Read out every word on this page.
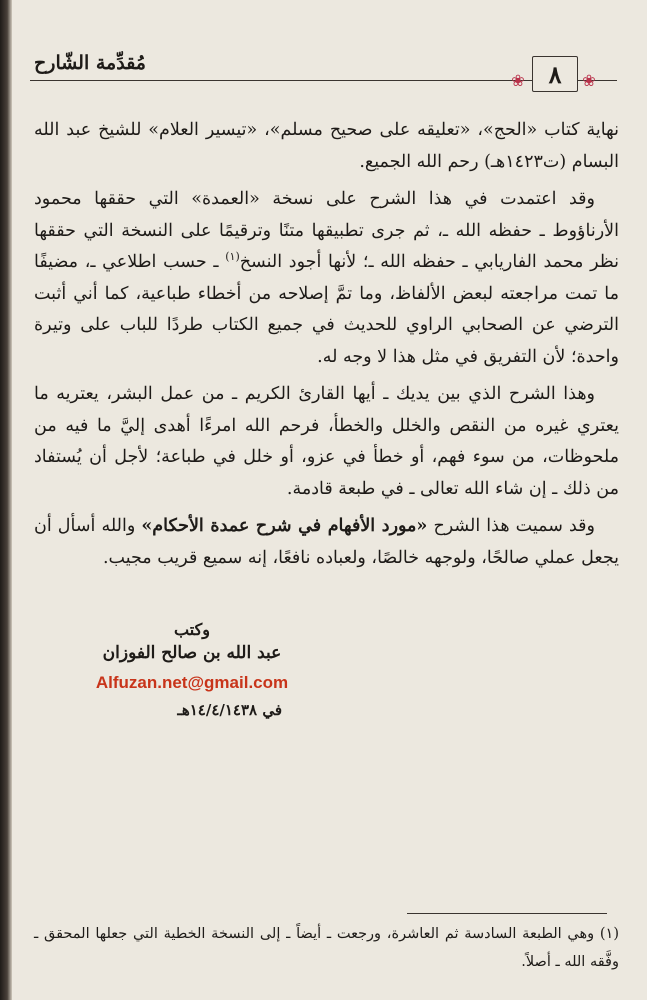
❀ ٨ ❀
مُقدِّمة الشّارح

نهاية كتاب «الحج»، «تعليقه على صحيح مسلم»، «تيسير العلام» للشيخ عبد الله البسام (ت١٤٢٣هـ) رحم الله الجميع.

وقد اعتمدت في هذا الشرح على نسخة «العمدة» التي حققها محمود الأرناؤوط ـ حفظه الله ـ، ثم جرى تطبيقها متنًا وترقيمًا على النسخة التي حققها نظر محمد الفاريابي ـ حفظه الله ـ؛ لأنها أجود النسخ$^{(١)}$ ـ حسب اطلاعي ـ، مضيفًا ما تمت مراجعته لبعض الألفاظ، وما تمَّ إصلاحه من أخطاء طباعية، كما أني أثبت الترضي عن الصحابي الراوي للحديث في جميع الكتاب طردًا للباب على وتيرة واحدة؛ لأن التفريق في مثل هذا لا وجه له.

وهذا الشرح الذي بين يديك ـ أيها القارئ الكريم ـ من عمل البشر، يعتريه ما يعتري غيره من النقص والخلل والخطأ، فرحم الله امرءًا أهدى إليَّ ما فيه من ملحوظات، من سوء فهم، أو خطأ في عزو، أو خلل في طباعة؛ لأجل أن يُستفاد من ذلك ـ إن شاء الله تعالى ـ في طبعة قادمة.

وقد سميت هذا الشرح «مورد الأفهام في شرح عمدة الأحكام» والله أسأل أن يجعل عملي صالحًا، ولوجهه خالصًا، ولعباده نافعًا، إنه سميع قريب مجيب.

وكتب
عبد الله بن صالح الفوزان
Alfuzan.net@gmail.com
في ١٤/٤/١٤٣٨هـ
(١) وهي الطبعة السادسة ثم العاشرة، ورجعت ـ أيضاً ـ إلى النسخة الخطية التي جعلها المحقق ـ وفَّقه الله ـ أصلاً.
